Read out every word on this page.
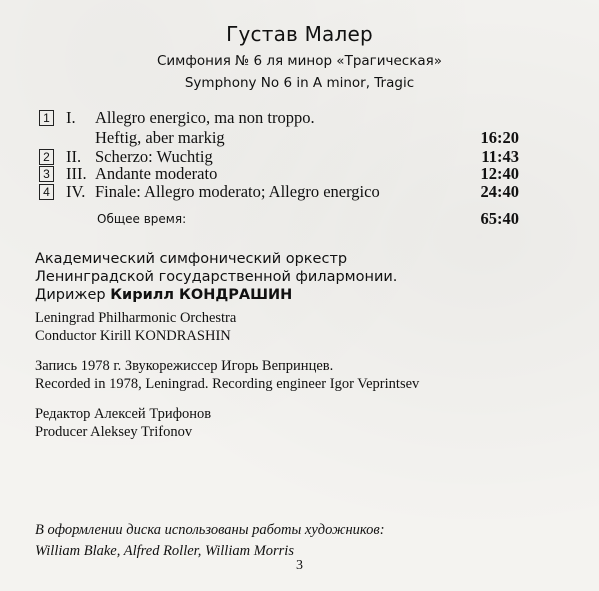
Густав Малер
Симфония № 6 ля минор «Трагическая»
Symphony No 6 in A minor, Tragic
1 I. Allegro energico, ma non troppo.
Heftig, aber markig	16:20
2 II. Scherzo: Wuchtig	11:43
3 III. Andante moderato	12:40
4 IV. Finale: Allegro moderato; Allegro energico	24:40
Общее время:	65:40
Академический симфонический оркестр
Ленинградской государственной филармонии.
Дирижер Кирилл КОНДРАШИН
Leningrad Philharmonic Orchestra
Conductor Kirill KONDRASHIN
Запись 1978 г. Звукорежиссер Игорь Вепринцев.
Recorded in 1978, Leningrad. Recording engineer Igor Veprintsev
Редактор Алексей Трифонов
Producer Aleksey Trifonov
В оформлении диска использованы работы художников:
William Blake, Alfred Roller, William Morris
3
